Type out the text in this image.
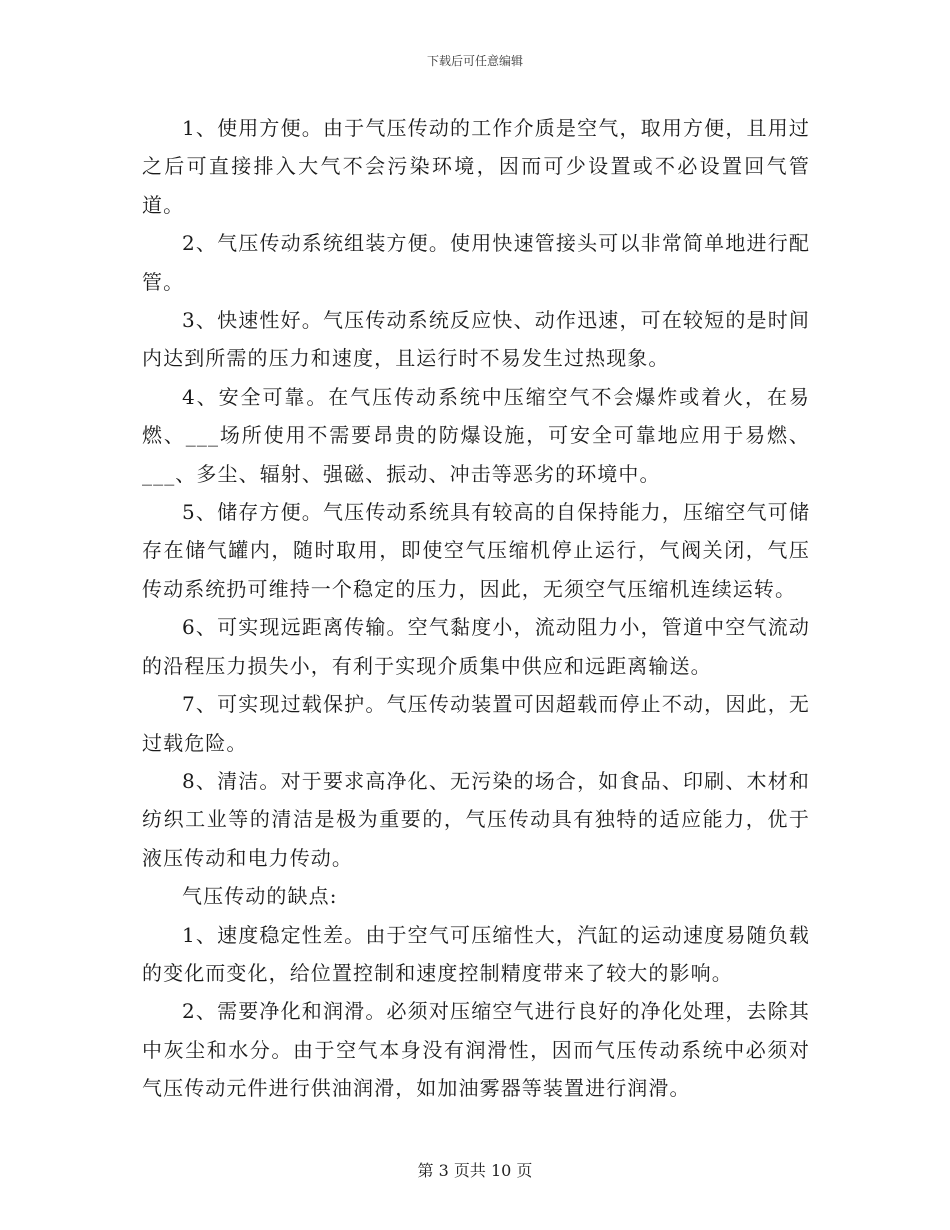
下载后可任意编辑

1、使用方便。由于气压传动的工作介质是空气，取用方便，且用过之后可直接排入大气不会污染环境，因而可少设置或不必设置回气管道。

2、气压传动系统组装方便。使用快速管接头可以非常简单地进行配管。

3、快速性好。气压传动系统反应快、动作迅速，可在较短的是时间内达到所需的压力和速度，且运行时不易发生过热现象。

4、安全可靠。在气压传动系统中压缩空气不会爆炸或着火，在易燃、___场所使用不需要昂贵的防爆设施，可安全可靠地应用于易燃、___、多尘、辐射、强磁、振动、冲击等恶劣的环境中。

5、储存方便。气压传动系统具有较高的自保持能力，压缩空气可储存在储气罐内，随时取用，即使空气压缩机停止运行，气阀关闭，气压传动系统扔可维持一个稳定的压力，因此，无须空气压缩机连续运转。

6、可实现远距离传输。空气黏度小，流动阻力小，管道中空气流动的沿程压力损失小，有利于实现介质集中供应和远距离输送。

7、可实现过载保护。气压传动装置可因超载而停止不动，因此，无过载危险。

8、清洁。对于要求高净化、无污染的场合，如食品、印刷、木材和纺织工业等的清洁是极为重要的，气压传动具有独特的适应能力，优于液压传动和电力传动。

气压传动的缺点:

1、速度稳定性差。由于空气可压缩性大，汽缸的运动速度易随负载的变化而变化，给位置控制和速度控制精度带来了较大的影响。

2、需要净化和润滑。必须对压缩空气进行良好的净化处理，去除其中灰尘和水分。由于空气本身没有润滑性，因而气压传动系统中必须对气压传动元件进行供油润滑，如加油雾器等装置进行润滑。

第 3 页共 10 页
